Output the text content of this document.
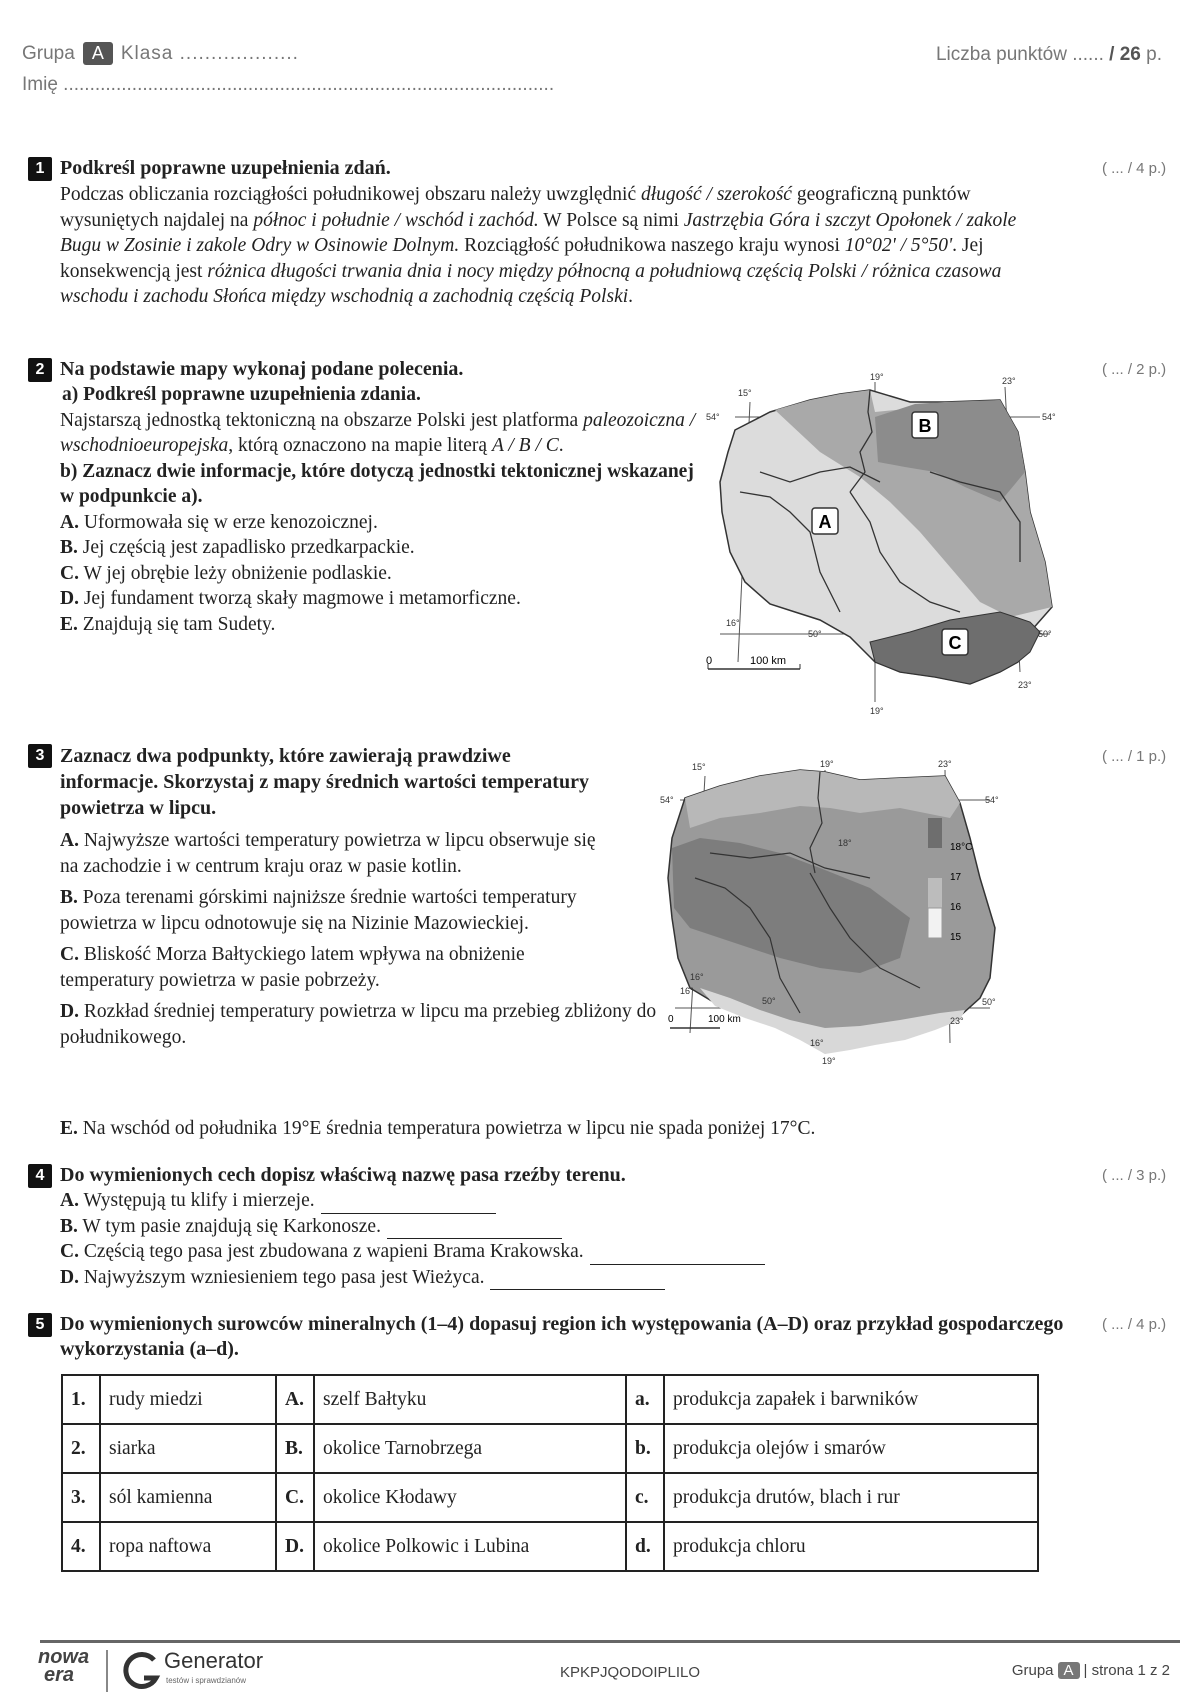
Grupa A Klasa ...................
Imię .............................................................................................
Liczba punktów ...... / 26 p.
1 Podkreśl poprawne uzupełnienia zdań.	( ... / 4 p.)
Podczas obliczania rozciągłości południkowej obszaru należy uwzględnić długość / szerokość geograficzną punktów wysuniętych najdalej na północ i południe / wschód i zachód. W Polsce są nimi Jastrzębia Góra i szczyt Opołonek / zakole Bugu w Zosinie i zakole Odry w Osinowie Dolnym. Rozciągłość południkowa naszego kraju wynosi 10°02' / 5°50'. Jej konsekwencją jest różnica długości trwania dnia i nocy między północną a południową częścią Polski / różnica czasowa wschodu i zachodu Słońca między wschodnią a zachodnią częścią Polski.
2 Na podstawie mapy wykonaj podane polecenia.	( ... / 2 p.)
a) Podkreśl poprawne uzupełnienia zdania.
Najstarszą jednostką tektoniczną na obszarze Polski jest platforma paleozoiczna / wschodnioeuropejska, którą oznaczono na mapie literą A / B / C.
b) Zaznacz dwie informacje, które dotyczą jednostki tektonicznej wskazanej w podpunkcie a).
A. Uformowała się w erze kenozoicznej.
B. Jej częścią jest zapadlisko przedkarpackie.
C. W jej obrębie leży obniżenie podlaskie.
D. Jej fundament tworzą skały magmowe i metamorficzne.
E. Znajdują się tam Sudety.
B
A
C
15°
19°	23°
54°	54°
50°	50°
16°
19°
23°
0	100 km
3 Zaznacz dwa podpunkty, które zawierają prawdziwe informacje. Skorzystaj z mapy średnich wartości temperatury powietrza w lipcu.
( ... / 1 p.)
A. Najwyższe wartości temperatury powietrza w lipcu obserwuje się na zachodzie i w centrum kraju oraz w pasie kotlin.
B. Poza terenami górskimi najniższe średnie wartości temperatury powietrza w lipcu odnotowuje się na Nizinie Mazowieckiej.
C. Bliskość Morza Bałtyckiego latem wpływa na obniżenie temperatury powietrza w pasie pobrzeży.
D. Rozkład średniej temperatury powietrza w lipcu ma przebieg zbliżony do południkowego.
E. Na wschód od południka 19°E średnia temperatura powietrza w lipcu nie spada poniżej 17°C.
18°C
17
16
15
15°	19°	23°
54°	54°
18°
16°
16°
50°	50°
16°
19°
23°
0	100 km
4 Do wymienionych cech dopisz właściwą nazwę pasa rzeźby terenu.	( ... / 3 p.)
A. Występują tu klify i mierzeje.
B. W tym pasie znajdują się Karkonosze.
C. Częścią tego pasa jest zbudowana z wapieni Brama Krakowska.
D. Najwyższym wzniesieniem tego pasa jest Wieżyca.
5 Do wymienionych surowców mineralnych (1–4) dopasuj region ich występowania (A–D) oraz przykład gospodarczego wykorzystania (a–d).
( ... / 4 p.)
1.	rudy miedzi	A.	szelf Bałtyku	a.	produkcja zapałek i barwników
2.	siarka	B.	okolice Tarnobrzega	b.	produkcja olejów i smarów
3.	sól kamienna	C.	okolice Kłodawy	c.	produkcja drutów, blach i rur
4.	ropa naftowa	D.	okolice Polkowic i Lubina	d.	produkcja chloru
nowa
era
Generator
testów i sprawdzianów	KPKPJQODOIPLILO	Grupa A | strona 1 z 2
